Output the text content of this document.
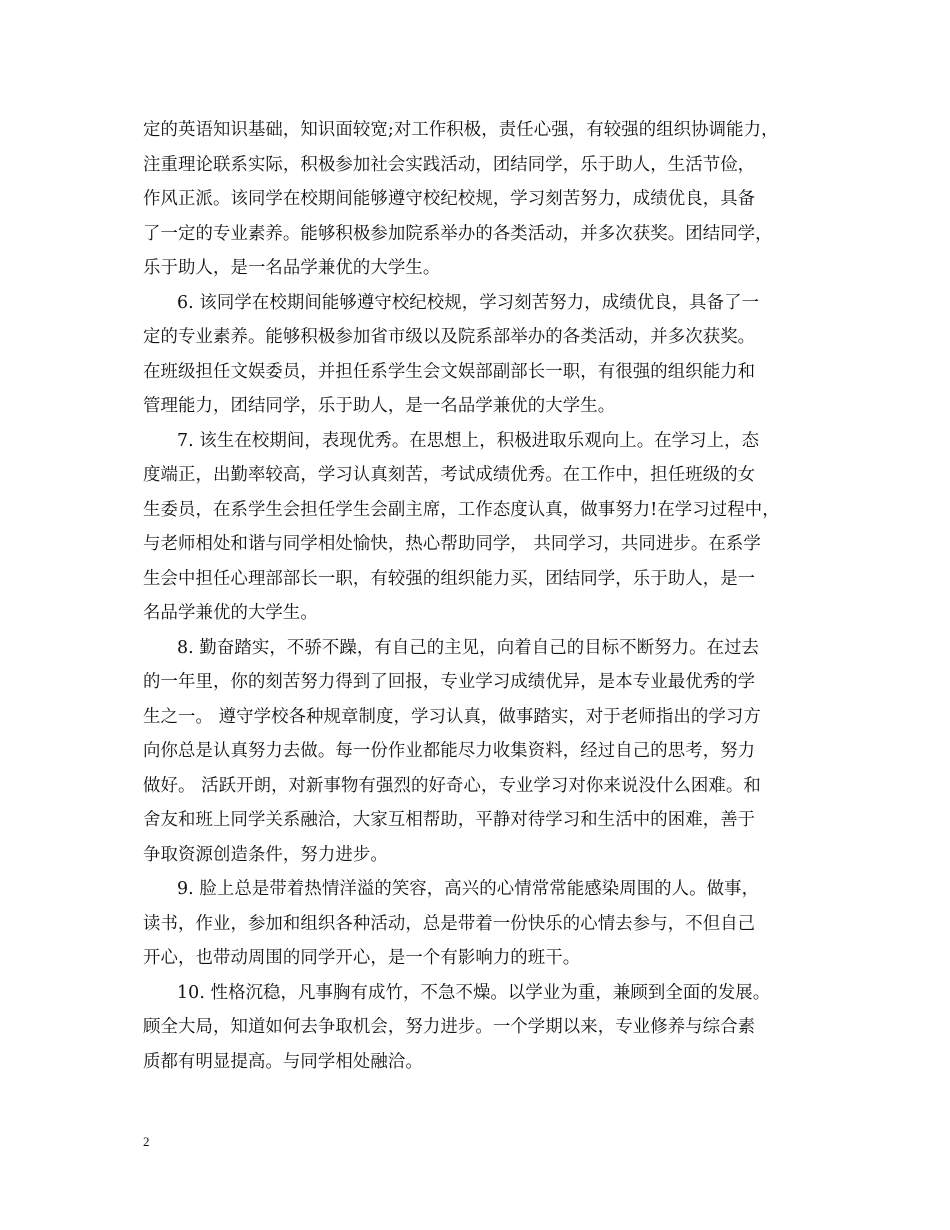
定的英语知识基础，知识面较宽;对工作积极，责任心强，有较强的组织协调能力，
注重理论联系实际，积极参加社会实践活动，团结同学，乐于助人，生活节俭，
作风正派。该同学在校期间能够遵守校纪校规，学习刻苦努力，成绩优良，具备
了一定的专业素养。能够积极参加院系举办的各类活动，并多次获奖。团结同学，
乐于助人，是一名品学兼优的大学生。
6. 该同学在校期间能够遵守校纪校规，学习刻苦努力，成绩优良，具备了一
定的专业素养。能够积极参加省市级以及院系部举办的各类活动，并多次获奖。
在班级担任文娱委员，并担任系学生会文娱部副部长一职，有很强的组织能力和
管理能力，团结同学，乐于助人，是一名品学兼优的大学生。
7. 该生在校期间，表现优秀。在思想上，积极进取乐观向上。在学习上，态
度端正，出勤率较高，学习认真刻苦，考试成绩优秀。在工作中，担任班级的女
生委员，在系学生会担任学生会副主席，工作态度认真，做事努力!在学习过程中，
与老师相处和谐与同学相处愉快，热心帮助同学， 共同学习，共同进步。在系学
生会中担任心理部部长一职，有较强的组织能力买，团结同学，乐于助人，是一
名品学兼优的大学生。
8. 勤奋踏实，不骄不躁，有自己的主见，向着自己的目标不断努力。在过去
的一年里，你的刻苦努力得到了回报，专业学习成绩优异，是本专业最优秀的学
生之一。 遵守学校各种规章制度，学习认真，做事踏实，对于老师指出的学习方
向你总是认真努力去做。每一份作业都能尽力收集资料，经过自己的思考，努力
做好。 活跃开朗，对新事物有强烈的好奇心，专业学习对你来说没什么困难。和
舍友和班上同学关系融洽，大家互相帮助，平静对待学习和生活中的困难，善于
争取资源创造条件，努力进步。
9. 脸上总是带着热情洋溢的笑容，高兴的心情常常能感染周围的人。做事，
读书，作业，参加和组织各种活动，总是带着一份快乐的心情去参与，不但自己
开心，也带动周围的同学开心，是一个有影响力的班干。
10. 性格沉稳，凡事胸有成竹，不急不燥。以学业为重，兼顾到全面的发展。
顾全大局，知道如何去争取机会，努力进步。一个学期以来，专业修养与综合素
质都有明显提高。与同学相处融洽。
2
